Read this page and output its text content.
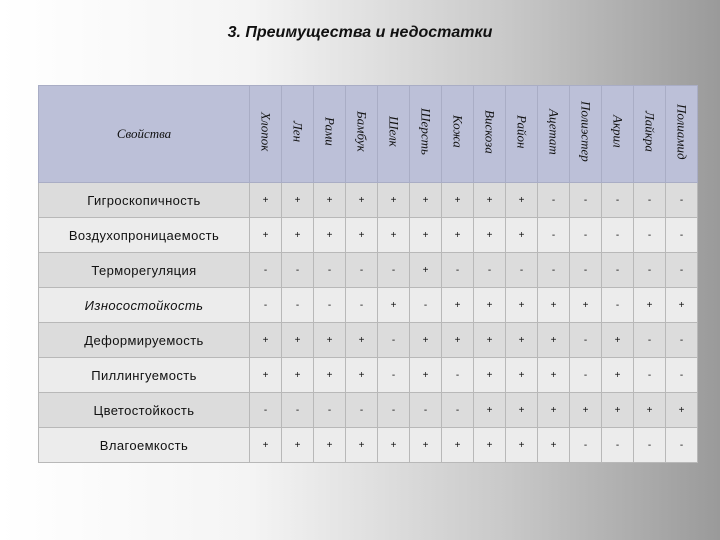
3. Преимущества и недостатки
Свойства	Хлопок	Лен	Рами	Бамбук	Шелк	Шерсть	Кожа	Вискоза	Район	Ацетат	Полиэстер	Акрил	Лайкра	Полиамид
Гигроскопичность	+	+	+	+	+	+	+	+	+	-	-	-	-	-
Воздухопроницаемость	+	+	+	+	+	+	+	+	+	-	-	-	-	-
Терморегуляция	-	-	-	-	-	+	-	-	-	-	-	-	-	-
Износостойкость	-	-	-	-	+	-	+	+	+	+	+	-	+	+
Деформируемость	+	+	+	+	-	+	+	+	+	+	-	+	-	-
Пиллингуемость	+	+	+	+	-	+	-	+	+	+	-	+	-	-
Цветостойкость	-	-	-	-	-	-	-	+	+	+	+	+	+	+
Влагоемкость	+	+	+	+	+	+	+	+	+	+	-	-	-	-
